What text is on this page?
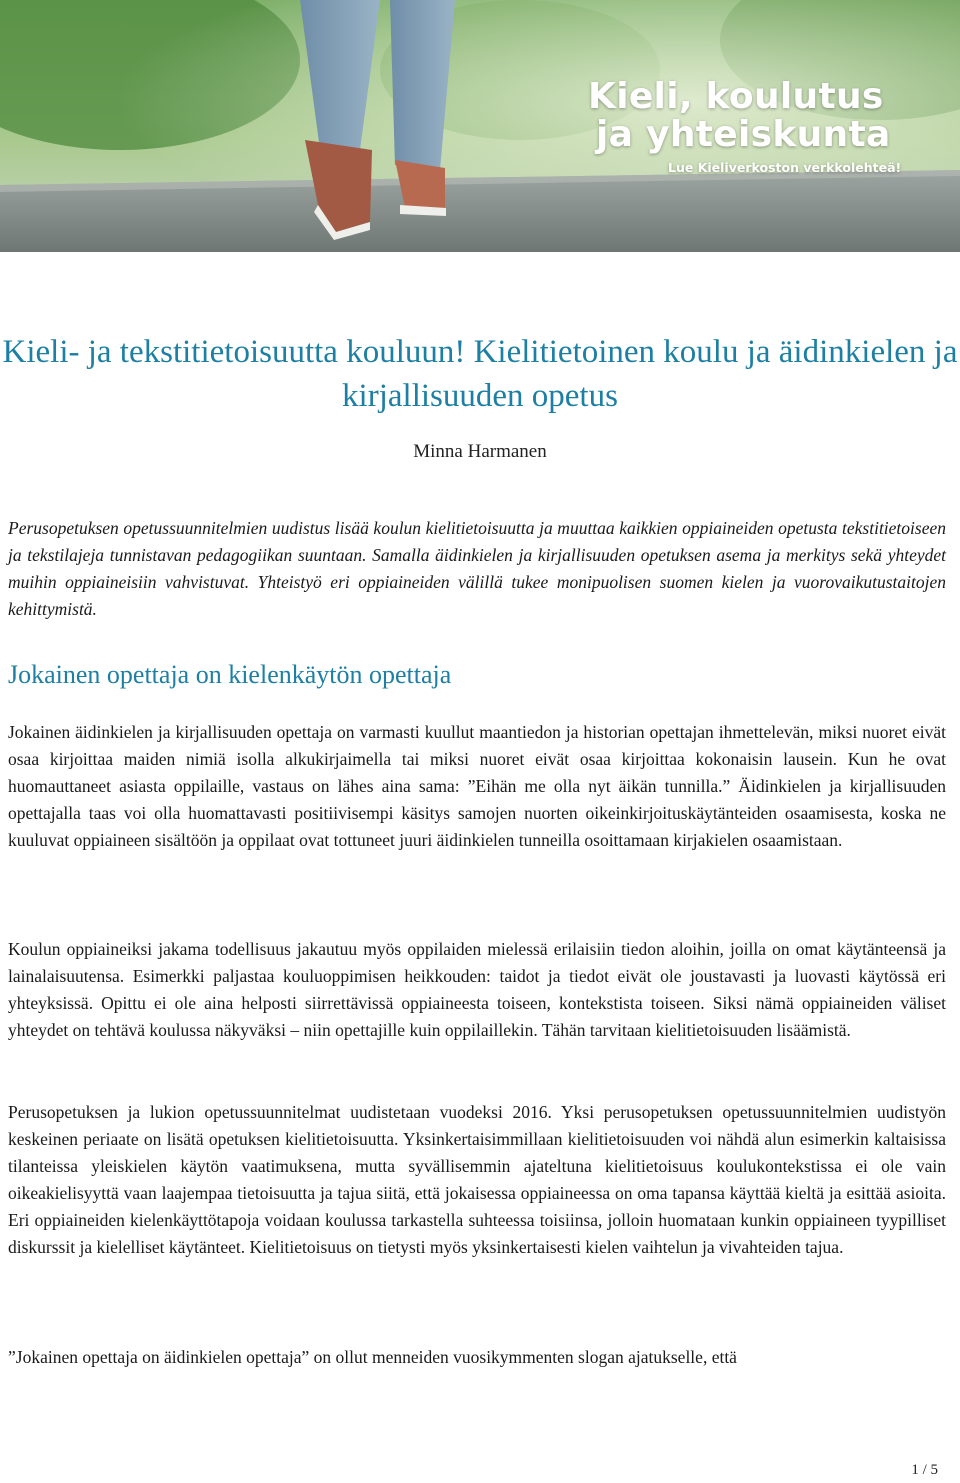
Kieli, koulutus
ja yhteiskunta
Lue Kieliverkoston verkkolehteä!
Kieli- ja tekstitietoisuutta kouluun! Kielitietoinen koulu ja äidinkielen ja kirjallisuuden opetus
Minna Harmanen

Perusopetuksen opetussuunnitelmien uudistus lisää koulun kielitietoisuutta ja muuttaa kaikkien oppiaineiden opetusta tekstitietoiseen ja tekstilajeja tunnistavan pedagogiikan suuntaan. Samalla äidinkielen ja kirjallisuuden opetuksen asema ja merkitys sekä yhteydet muihin oppiaineisiin vahvistuvat. Yhteistyö eri oppiaineiden välillä tukee monipuolisen suomen kielen ja vuorovaikutustaitojen kehittymistä.

Jokainen opettaja on kielenkäytön opettaja

Jokainen äidinkielen ja kirjallisuuden opettaja on varmasti kuullut maantiedon ja historian opettajan ihmettelevän, miksi nuoret eivät osaa kirjoittaa maiden nimiä isolla alkukirjaimella tai miksi nuoret eivät osaa kirjoittaa kokonaisin lausein. Kun he ovat huomauttaneet asiasta oppilaille, vastaus on lähes aina sama: ”Eihän me olla nyt äikän tunnilla.” Äidinkielen ja kirjallisuuden opettajalla taas voi olla huomattavasti positiivisempi käsitys samojen nuorten oikeinkirjoituskäytänteiden osaamisesta, koska ne kuuluvat oppiaineen sisältöön ja oppilaat ovat tottuneet juuri äidinkielen tunneilla osoittamaan kirjakielen osaamistaan.

Koulun oppiaineiksi jakama todellisuus jakautuu myös oppilaiden mielessä erilaisiin tiedon aloihin, joilla on omat käytänteensä ja lainalaisuutensa. Esimerkki paljastaa kouluoppimisen heikkouden: taidot ja tiedot eivät ole joustavasti ja luovasti käytössä eri yhteyksissä. Opittu ei ole aina helposti siirrettävissä oppiaineesta toiseen, kontekstista toiseen. Siksi nämä oppiaineiden väliset yhteydet on tehtävä koulussa näkyväksi – niin opettajille kuin oppilaillekin. Tähän tarvitaan kielitietoisuuden lisäämistä.

Perusopetuksen ja lukion opetussuunnitelmat uudistetaan vuodeksi 2016. Yksi perusopetuksen opetussuunnitelmien uudistyön keskeinen periaate on lisätä opetuksen kielitietoisuutta. Yksinkertaisimmillaan kielitietoisuuden voi nähdä alun esimerkin kaltaisissa tilanteissa yleiskielen käytön vaatimuksena, mutta syvällisemmin ajateltuna kielitietoisuus koulukontekstissa ei ole vain oikeakielisyyttä vaan laajempaa tietoisuutta ja tajua siitä, että jokaisessa oppiaineessa on oma tapansa käyttää kieltä ja esittää asioita. Eri oppiaineiden kielenkäyttötapoja voidaan koulussa tarkastella suhteessa toisiinsa, jolloin huomataan kunkin oppiaineen tyypilliset diskurssit ja kielelliset käytänteet. Kielitietoisuus on tietysti myös yksinkertaisesti kielen vaihtelun ja vivahteiden tajua.

”Jokainen opettaja on äidinkielen opettaja” on ollut menneiden vuosikymmenten slogan ajatukselle, että

1 / 5
